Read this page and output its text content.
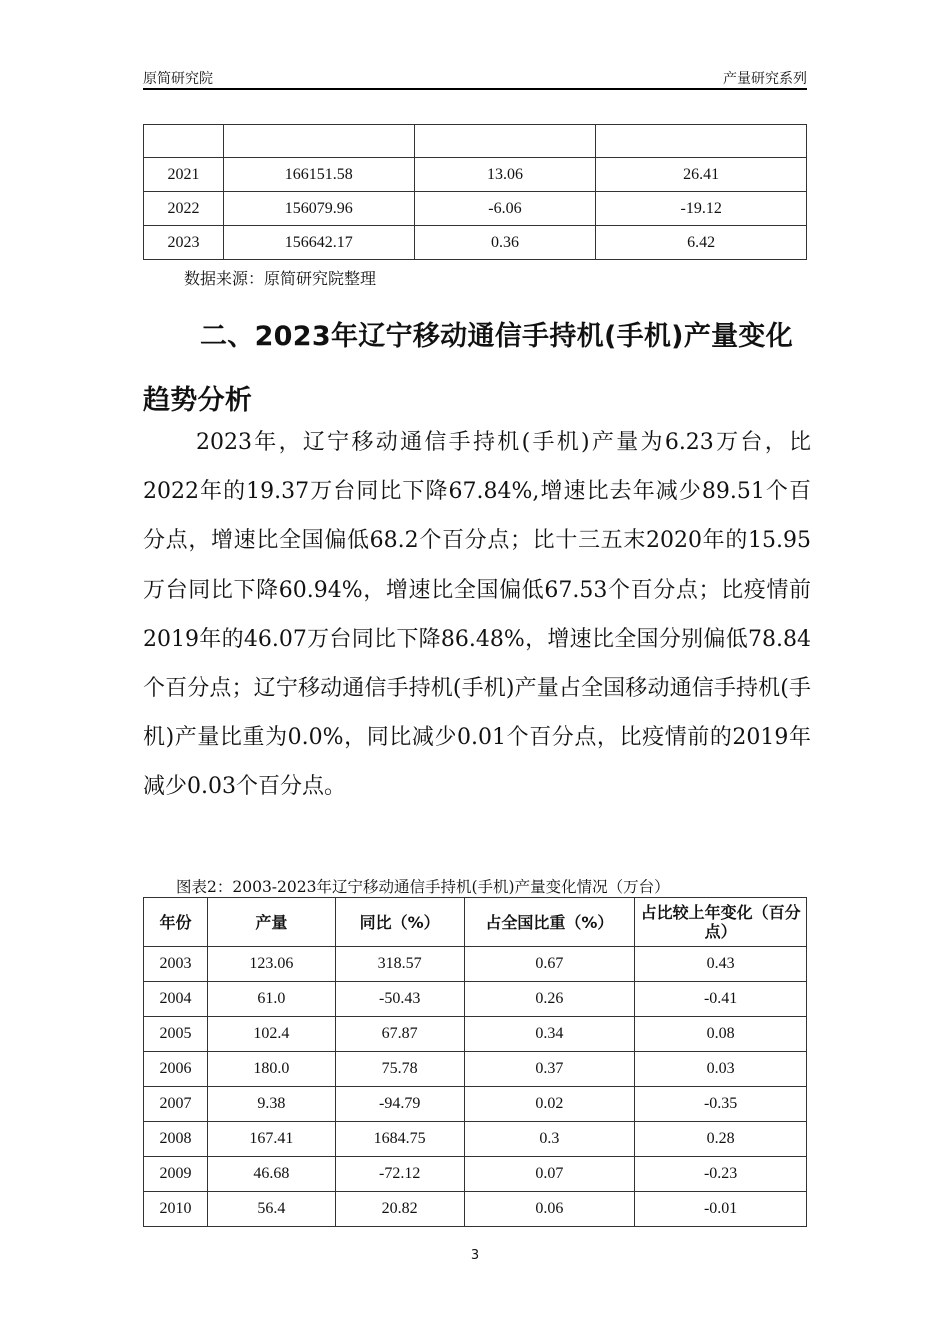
原简研究院	产量研究系列

2021	166151.58	13.06	26.41
2022	156079.96	-6.06	-19.12
2023	156642.17	0.36	6.42
数据来源：原简研究院整理
二、2023年辽宁移动通信手持机(手机)产量变化趋势分析
2023年，辽宁移动通信手持机(手机)产量为6.23万台，比2022年的19.37万台同比下降67.84%,增速比去年减少89.51个百分点，增速比全国偏低68.2个百分点；比十三五末2020年的15.95万台同比下降60.94%，增速比全国偏低67.53个百分点；比疫情前2019年的46.07万台同比下降86.48%，增速比全国分别偏低78.84个百分点；辽宁移动通信手持机(手机)产量占全国移动通信手持机(手机)产量比重为0.0%，同比减少0.01个百分点，比疫情前的2019年减少0.03个百分点。
图表2：2003-2023年辽宁移动通信手持机(手机)产量变化情况（万台）
年份	产量	同比（%）	占全国比重（%）	占比较上年变化（百分点）
2003	123.06	318.57	0.67	0.43
2004	61.0	-50.43	0.26	-0.41
2005	102.4	67.87	0.34	0.08
2006	180.0	75.78	0.37	0.03
2007	9.38	-94.79	0.02	-0.35
2008	167.41	1684.75	0.3	0.28
2009	46.68	-72.12	0.07	-0.23
2010	56.4	20.82	0.06	-0.01
3
